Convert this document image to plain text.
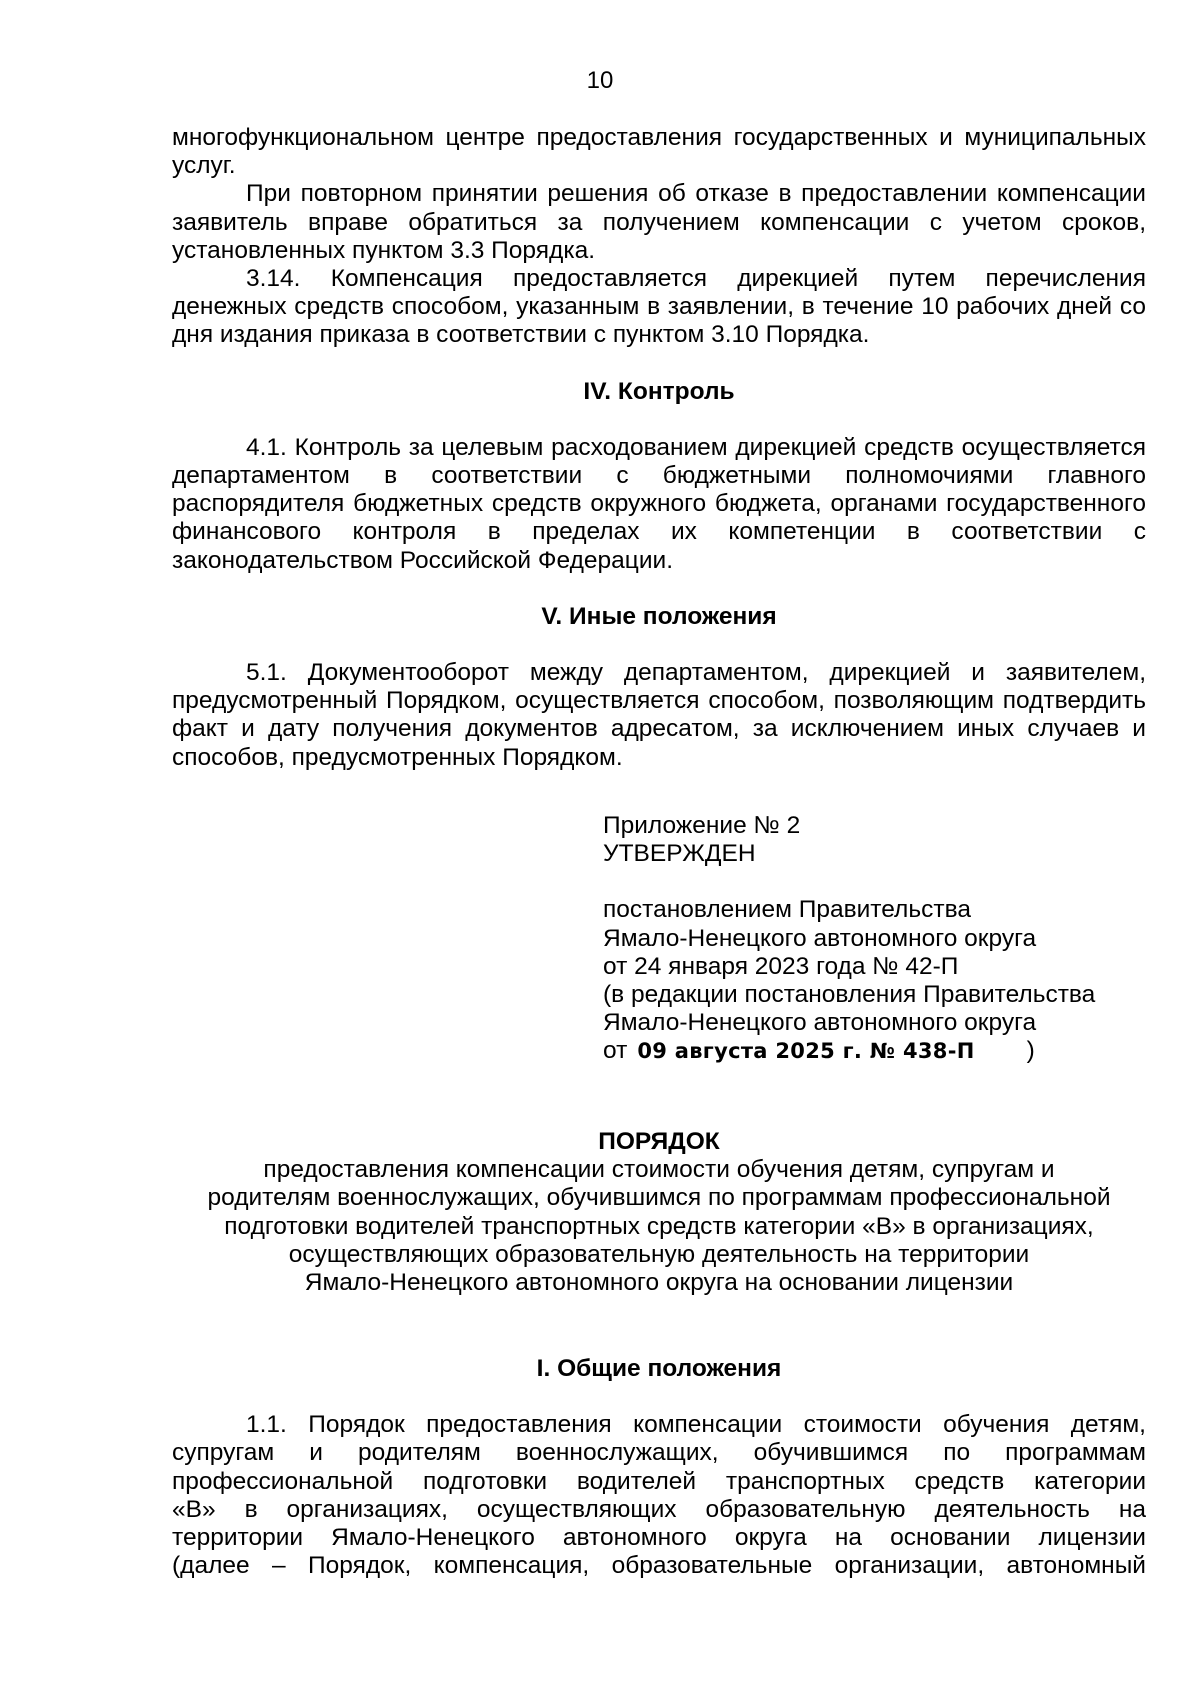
10

многофункциональном центре предоставления государственных и муниципальных услуг.

При повторном принятии решения об отказе в предоставлении компенсации заявитель вправе обратиться за получением компенсации с учетом сроков, установленных пунктом 3.3 Порядка.

3.14. Компенсация предоставляется дирекцией путем перечисления денежных средств способом, указанным в заявлении, в течение 10 рабочих дней со дня издания приказа в соответствии с пунктом 3.10 Порядка.

IV. Контроль

4.1. Контроль за целевым расходованием дирекцией средств осуществляется департаментом в соответствии с бюджетными полномочиями главного распорядителя бюджетных средств окружного бюджета, органами государственного финансового контроля в пределах их компетенции в соответствии с законодательством Российской Федерации.

V. Иные положения

5.1. Документооборот между департаментом, дирекцией и заявителем, предусмотренный Порядком, осуществляется способом, позволяющим подтвердить факт и дату получения документов адресатом, за исключением иных случаев и способов, предусмотренных Порядком.

Приложение № 2
УТВЕРЖДЕН
постановлением Правительства
Ямало-Ненецкого автономного округа
от 24 января 2023 года № 42-П
(в редакции постановления Правительства
Ямало-Ненецкого автономного округа
от 09 августа 2025 г. № 438-П )
ПОРЯДОК
предоставления компенсации стоимости обучения детям, супругам и
родителям военнослужащих, обучившимся по программам профессиональной
подготовки водителей транспортных средств категории «В» в организациях,
осуществляющих образовательную деятельность на территории
Ямало-Ненецкого автономного округа на основании лицензии

I. Общие положения

1.1. Порядок предоставления компенсации стоимости обучения детям,

супругам и родителям военнослужащих, обучившимся по программам

профессиональной подготовки водителей транспортных средств категории

«В» в организациях, осуществляющих образовательную деятельность на

территории Ямало-Ненецкого автономного округа на основании лицензии

(далее – Порядок, компенсация, образовательные организации, автономный
